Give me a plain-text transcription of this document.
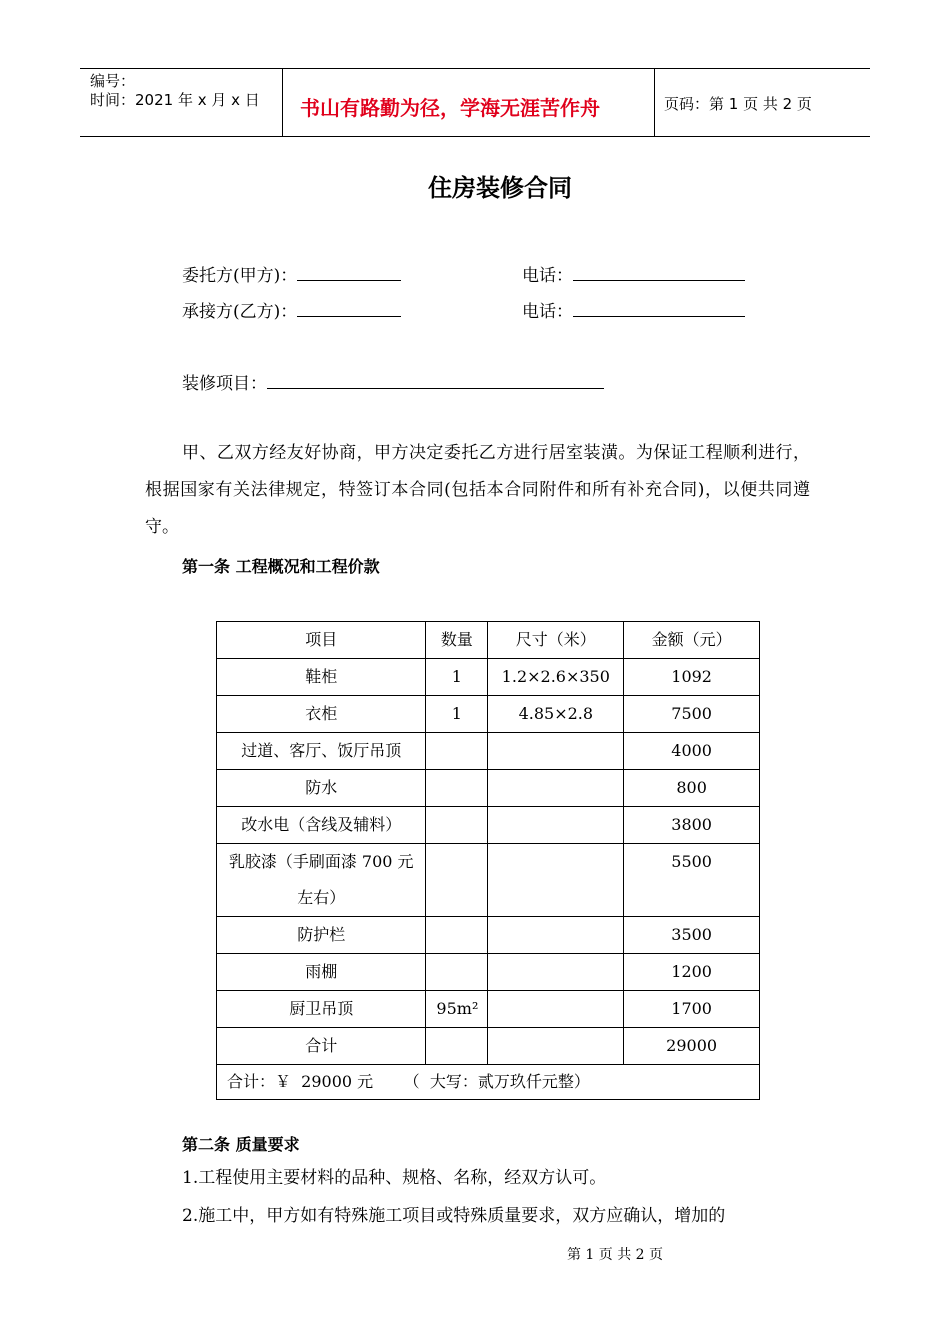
编号：
时间：2021 年 x 月 x 日 书山有路勤为径，学海无涯苦作舟	页码：第 1 页 共 2 页
住房装修合同
委托方(甲方)：	电话：
承接方(乙方)：	电话：
装修项目：
甲、乙双方经友好协商，甲方决定委托乙方进行居室装潢。为保证工程顺利进行，根据国家有关法律规定，特签订本合同(包括本合同附件和所有补充合同)，以便共同遵守。
第一条 工程概况和工程价款
项目	数量	尺寸（米）	金额（元）
鞋柜	1	1.2×2.6×350	1092
衣柜	1	4.85×2.8	7500
过道、客厅、饭厅吊顶			4000
防水			800
改水电（含线及辅料）			3800
乳胶漆（手刷面漆 700 元左右）			5500
防护栏			3500
雨棚			1200
厨卫吊顶	95m²		1700
合计			29000
合计：￥  29000 元      （  大写：贰万玖仟元整）			
第二条 质量要求
1.工程使用主要材料的品种、规格、名称，经双方认可。
2.施工中，甲方如有特殊施工项目或特殊质量要求，双方应确认，增加的
第 1 页 共 2 页
